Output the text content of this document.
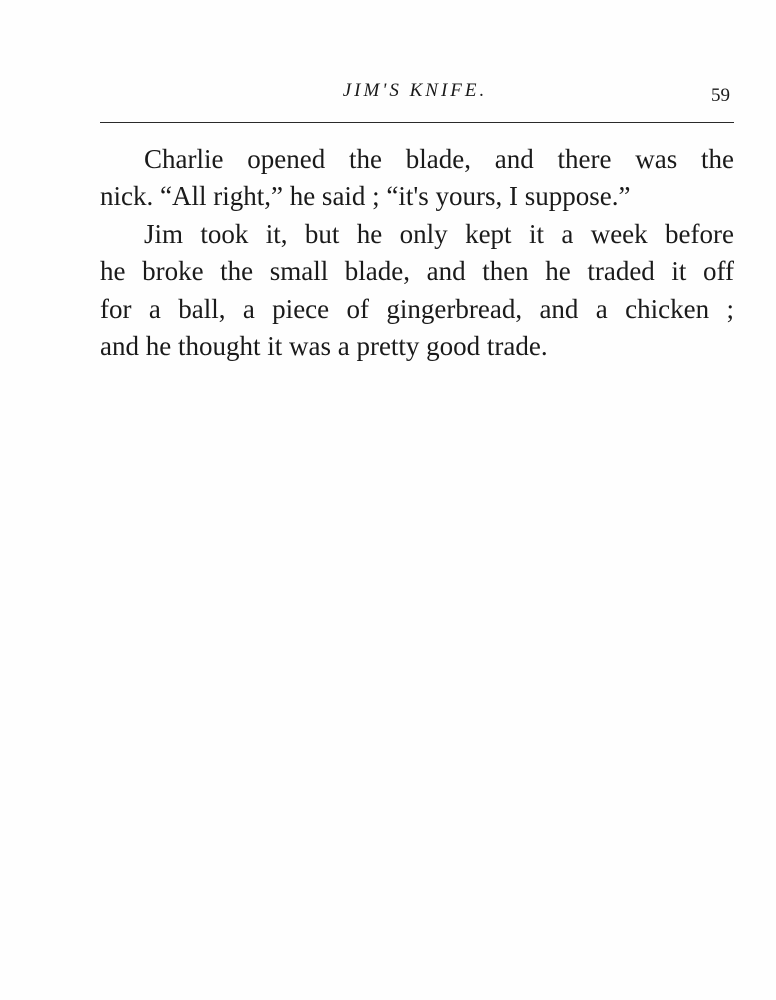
JIM'S KNIFE.	59
Charlie opened the blade, and there was the
nick. “All right,” he said ; “it's yours, I suppose.”
Jim took it, but he only kept it a week before
he broke the small blade, and then he traded it off
for a ball, a piece of gingerbread, and a chicken ;
and he thought it was a pretty good trade.
